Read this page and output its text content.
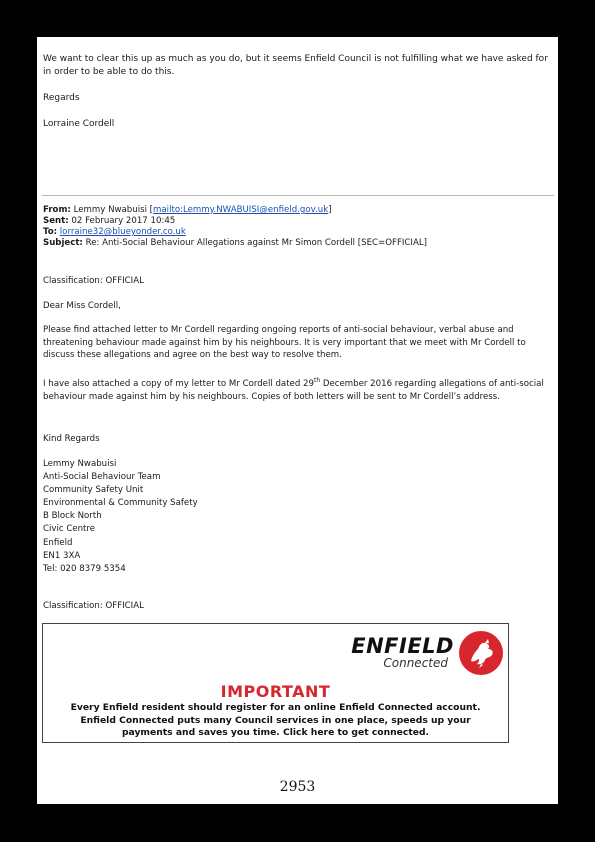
We want to clear this up as much as you do, but it seems Enfield Council is not fulfilling what we have asked for in order to be able to do this.
Regards
Lorraine Cordell
From: Lemmy Nwabuisi [mailto:Lemmy.NWABUISI@enfield.gov.uk]
Sent: 02 February 2017 10:45
To: lorraine32@blueyonder.co.uk
Subject: Re: Anti-Social Behaviour Allegations against Mr Simon Cordell [SEC=OFFICIAL]
Classification: OFFICIAL
Dear Miss Cordell,
Please find attached letter to Mr Cordell regarding ongoing reports of anti-social behaviour, verbal abuse and threatening behaviour made against him by his neighbours. It is very important that we meet with Mr Cordell to discuss these allegations and agree on the best way to resolve them.
I have also attached a copy of my letter to Mr Cordell dated 29th December 2016 regarding allegations of anti-social behaviour made against him by his neighbours. Copies of both letters will be sent to Mr Cordell’s address.
Kind Regards
Lemmy Nwabuisi
Anti-Social Behaviour Team
Community Safety Unit
Environmental & Community Safety
B Block North
Civic Centre
Enfield
EN1 3XA
Tel: 020 8379 5354
Classification: OFFICIAL
ENFIELD
Connected
IMPORTANT
Every Enfield resident should register for an online Enfield Connected account.
Enfield Connected puts many Council services in one place, speeds up your
payments and saves you time. Click here to get connected.
2953
